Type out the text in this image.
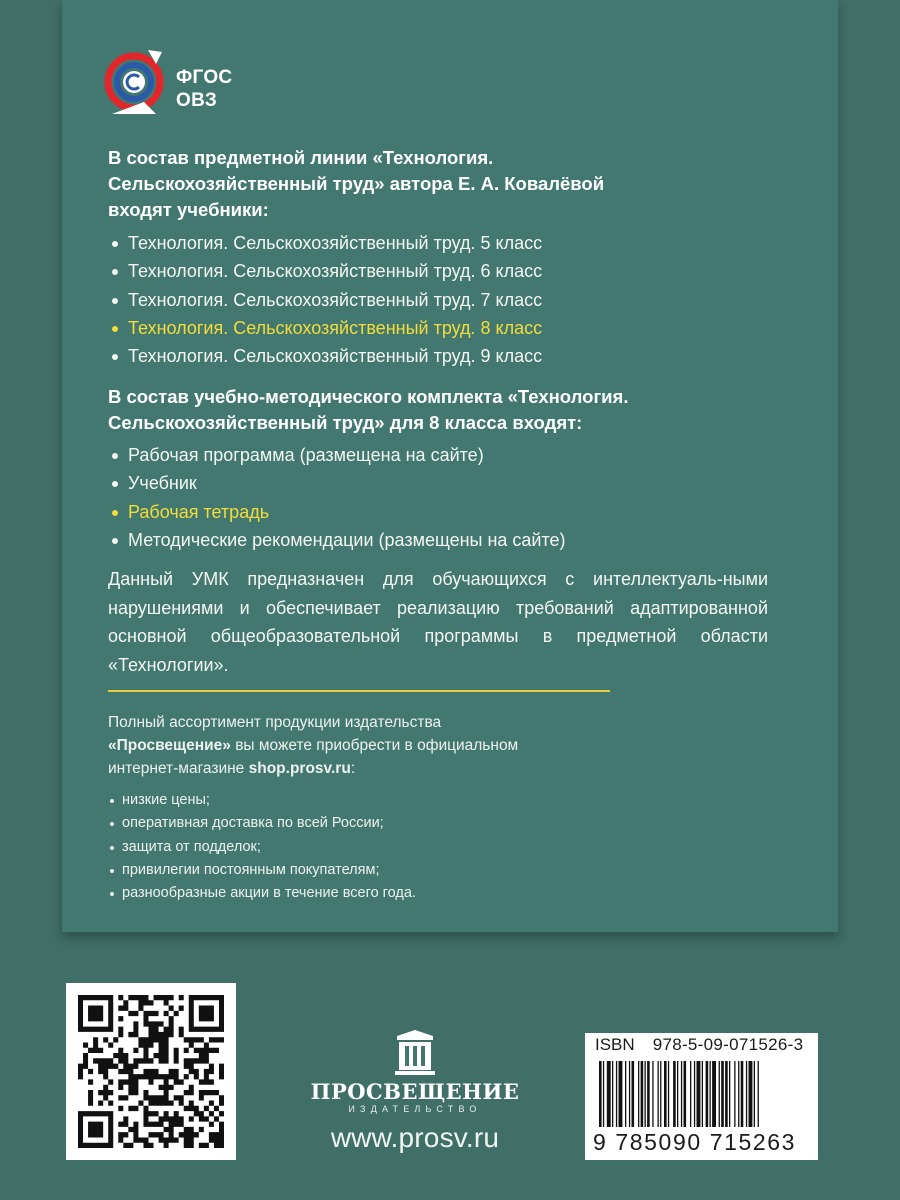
ФГОС
ОВЗ
В состав предметной линии «Технология.
Сельскохозяйственный труд» автора Е. А. Ковалёвой
входят учебники:
Технология. Сельскохозяйственный труд. 5 класс
Технология. Сельскохозяйственный труд. 6 класс
Технология. Сельскохозяйственный труд. 7 класс
Технология. Сельскохозяйственный труд. 8 класс
Технология. Сельскохозяйственный труд. 9 класс
В состав учебно-методического комплекта «Технология.
Сельскохозяйственный труд» для 8 класса входят:
Рабочая программа (размещена на сайте)
Учебник
Рабочая тетрадь
Методические рекомендации (размещены на сайте)
Данный УМК предназначен для обучающихся с интеллектуаль-ными нарушениями и обеспечивает реализацию требований адаптированной основной общеобразовательной программы в предметной области «Технологии».
Полный ассортимент продукции издательства
«Просвещение» вы можете приобрести в официальном
интернет-магазине shop.prosv.ru:
низкие цены;
оперативная доставка по всей России;
защита от подделок;
привилегии постоянным покупателям;
разнообразные акции в течение всего года.
ПРОСВЕЩЕНИЕ
ИЗДАТЕЛЬСТВО
www.prosv.ru
ISBN 978-5-09-071526-3
9 785090 715263
